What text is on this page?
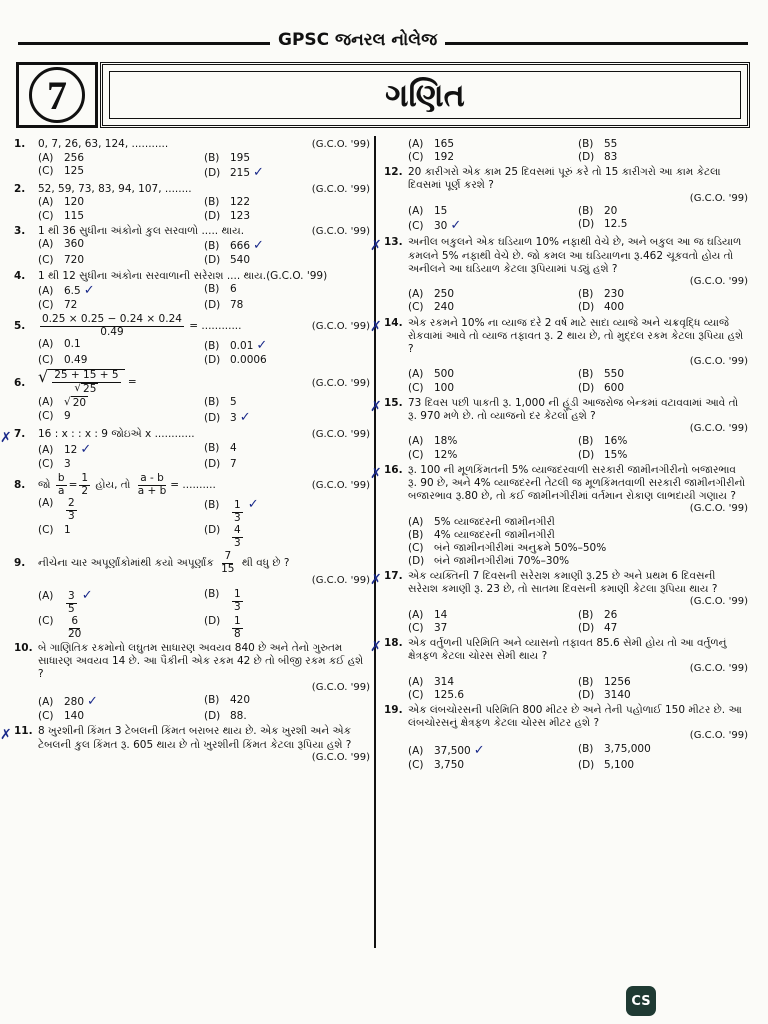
GPSC જનરલ નોલેજ
7	ગણિત
1.	0, 7, 26, 63, 124, ...........	(G.C.O. '99)
(A)	256	(B)	195
(C) 125	(D) 215 ✓
2.	52, 59, 73, 83, 94, 107, ........	(G.C.O. '99)
(A)	120	(B)	122
(C) 115	(D) 123
3.	1 થી 36 સુધીના અંકોનો કુલ સરવાળો ..... થાય.	(G.C.O. '99)
(A)	360	(B)	666 ✓
(C) 720	(D) 540
4.	1 થી 12 સુધીના અંકોના સરવાળાની સરેરાશ .... થાય.(G.C.O. '99)
(A)	6.5 ✓	(B)	6
(C) 72	(D) 78
5.	$\frac{0.25 \times 0.25 - 0.24 \times 0.24}{0.49}$ = ............	(G.C.O. '99)
(A)	0.1	(B)	0.01 ✓
(C) 0.49	(D) 0.0006
6. √ $\frac{25 + 15 + 5}{√ 25}$ =	(G.C.O. '99)
(A)	√ 20	(B)	5
(C) 9	(D) 3 ✓
✗ 7.	16 : x : : x : 9 જોઇએ x ............	(G.C.O. '99)
(A)	12 ✓	(B)	4
(C) 3	(D) 7
8.	જો $\frac{b}{a} = \frac{1}{2}$ હોય, તો $\frac{a - b}{a + b}$ = ..........	(G.C.O. '99)
(A)	$\frac{2}{3}$	(B)	$\frac{1}{3}$ ✓
(C) 1	(D)	$\frac{4}{3}$
9.	નીચેના ચાર અપૂર્ણાંકોમાંથી કયો અપૂર્ણાંક $\frac{7}{15}$ થી વધુ છે ?
(G.C.O. '99)
(A)	$\frac{3}{5}$ ✓	(B)	$\frac{1}{3}$
(C)	$\frac{6}{20}$	(D)	$\frac{1}{8}$
10. બે ગાણિતિક રકમોનો લઘુતમ સાધારણ અવયવ 840 છે અને તેનો ગુરુતમ સાધારણ અવયવ 14 છે. આ પૈકીની એક રકમ 42 છે તો બીજી રકમ કઈ હશે ?
(G.C.O. '99)
(A)	280 ✓	(B)	420
(C) 140	(D) 88.
✗ 11. 8 ખુરશીની કિંમત 3 ટેબલની કિંમત બરાબર થાય છે. એક ખુરશી અને એક ટેબલની કુલ કિંમત રૂ. 605 થાય છે તો ખુરશીની કિંમત કેટલા રૂપિયા હશે ?
(G.C.O. '99)
(A)	165	(B)	55
(C) 192	(D) 83
12. 20 કારીગરો એક કામ 25 દિવસમાં પૂરું કરે તો 15 કારીગરો આ કામ કેટલા દિવસમાં પૂર્ણ કરશે ?
(G.C.O. '99)
(A)	15	(B)	20
(C) 30 ✓	(D) 12.5
✗ 13. અનીલ બકુલને એક ઘડિયાળ 10% નફાથી વેચે છે, અને બકુલ આ જ ઘડિયાળ કમલને 5% નફાથી વેચે છે. જો કમલ આ ઘડિયાળના રૂ.462 ચૂકવતો હોય તો અનીલને આ ઘડિયાળ કેટલા રૂપિયામાં પડ્યું હશે ?
(G.C.O. '99)
(A)	250	(B)	230
(C) 240	(D) 400
✗ 14. એક રકમને 10% ના વ્યાજ દરે 2 વર્ષ માટે સાદા વ્યાજે અને ચક્રવૃદ્ધિ વ્યાજે રોકવામાં આવે તો વ્યાજ તફાવત રૂ. 2 થાય છે, તો મુદ્દલ રકમ કેટલા રૂપિયા હશે ?
(G.C.O. '99)
(A)	500	(B)	550
(C) 100	(D) 600
✗ 15. 73 દિવસ પછી પાકતી રૂ. 1,000 ની હૂંડી આજરોજ બેન્કમાં વટાવવામાં આવે તો રૂ. 970 મળે છે. તો વ્યાજનો દર કેટલો હશે ?
(G.C.O. '99)
(A)	18%	(B)	16%
(C) 12%	(D) 15%
✗ 16. રૂ. 100 ની મૂળકિંમતની 5% વ્યાજદરવાળી સરકારી જામીનગીરીનો બજારભાવ રૂ. 90 છે, અને 4% વ્યાજદરની તેટલી જ મૂળકિંમતવાળી સરકારી જામીનગીરીનો બજારભાવ રૂ.80 છે, તો કઈ જામીનગીરીમાં વર્તમાન રોકાણ લાભદાયી ગણાય ?
(G.C.O. '99)
(A)	5% વ્યાજદરની જામીનગીરી
(B)	4% વ્યાજદરની જામીનગીરી
(C) બંને જામીનગીરીમાં અનુક્રમે 50%–50%
(D) બંને જામીનગીરીમાં 70%–30%
✗ 17. એક વ્યક્તિની 7 દિવસની સરેરાશ કમાણી રૂ.25 છે અને પ્રથમ 6 દિવસની સરેરાશ કમાણી રૂ. 23 છે, તો સાતમા દિવસની કમાણી કેટલા રૂપિયા થાય ?
(G.C.O. '99)
(A)	14	(B)	26
(C) 37	(D) 47
✗ 18. એક વર્તુળની પરિમિતિ અને વ્યાસનો તફાવત 85.6 સેમી હોય તો આ વર્તુળનું ક્ષેત્રફળ કેટલા ચોરસ સેમી થાય ?
(G.C.O. '99)
(A)	314	(B)	1256
(C) 125.6	(D) 3140
19. એક લંબચોરસની પરિમિતિ 800 મીટર છે અને તેની પહોળાઈ 150 મીટર છે. આ લંબચોરસનું ક્ષેત્રફળ કેટલા ચોરસ મીટર હશે ?
(G.C.O. '99)
(A)	37,500 ✓	(B)	3,75,000
(C) 3,750	(D) 5,100
CS
